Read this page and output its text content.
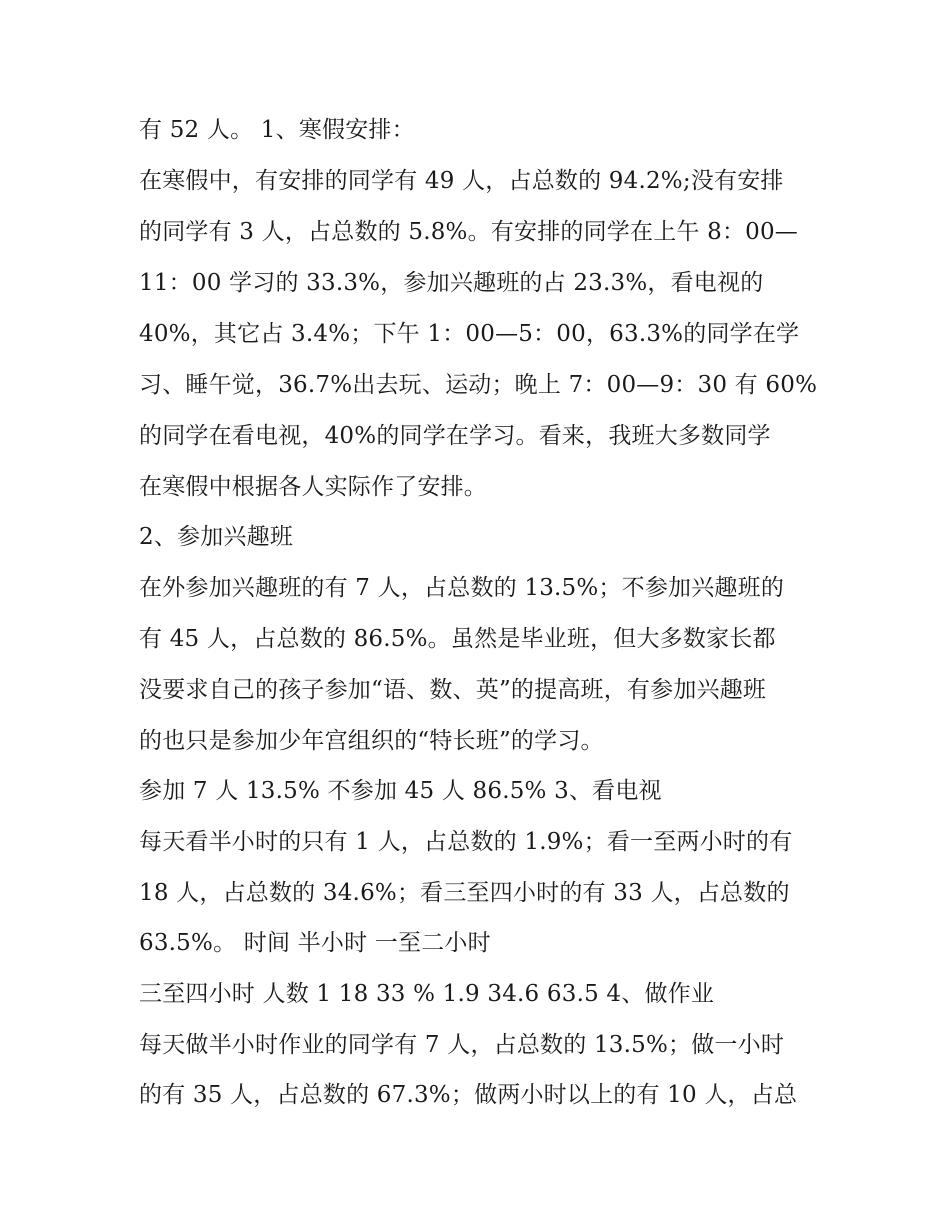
有 52 人。 1、寒假安排：
在寒假中，有安排的同学有 49 人，占总数的 94.2%;没有安排
的同学有 3 人，占总数的 5.8%。有安排的同学在上午 8：00—
11：00 学习的 33.3%，参加兴趣班的占 23.3%，看电视的
40%，其它占 3.4%；下午 1：00—5：00，63.3%的同学在学
习、睡午觉，36.7%出去玩、运动；晚上 7：00—9：30 有 60%
的同学在看电视，40%的同学在学习。看来，我班大多数同学
在寒假中根据各人实际作了安排。
2、参加兴趣班
在外参加兴趣班的有 7 人，占总数的 13.5%；不参加兴趣班的
有 45 人，占总数的 86.5%。虽然是毕业班，但大多数家长都
没要求自己的孩子参加“语、数、英”的提高班，有参加兴趣班
的也只是参加少年宫组织的“特长班”的学习。
参加 7 人 13.5% 不参加 45 人 86.5% 3、看电视
每天看半小时的只有 1 人，占总数的 1.9%；看一至两小时的有
18 人，占总数的 34.6%；看三至四小时的有 33 人，占总数的
63.5%。 时间 半小时 一至二小时
三至四小时 人数 1 18 33 % 1.9 34.6 63.5 4、做作业
每天做半小时作业的同学有 7 人，占总数的 13.5%；做一小时
的有 35 人，占总数的 67.3%；做两小时以上的有 10 人，占总
